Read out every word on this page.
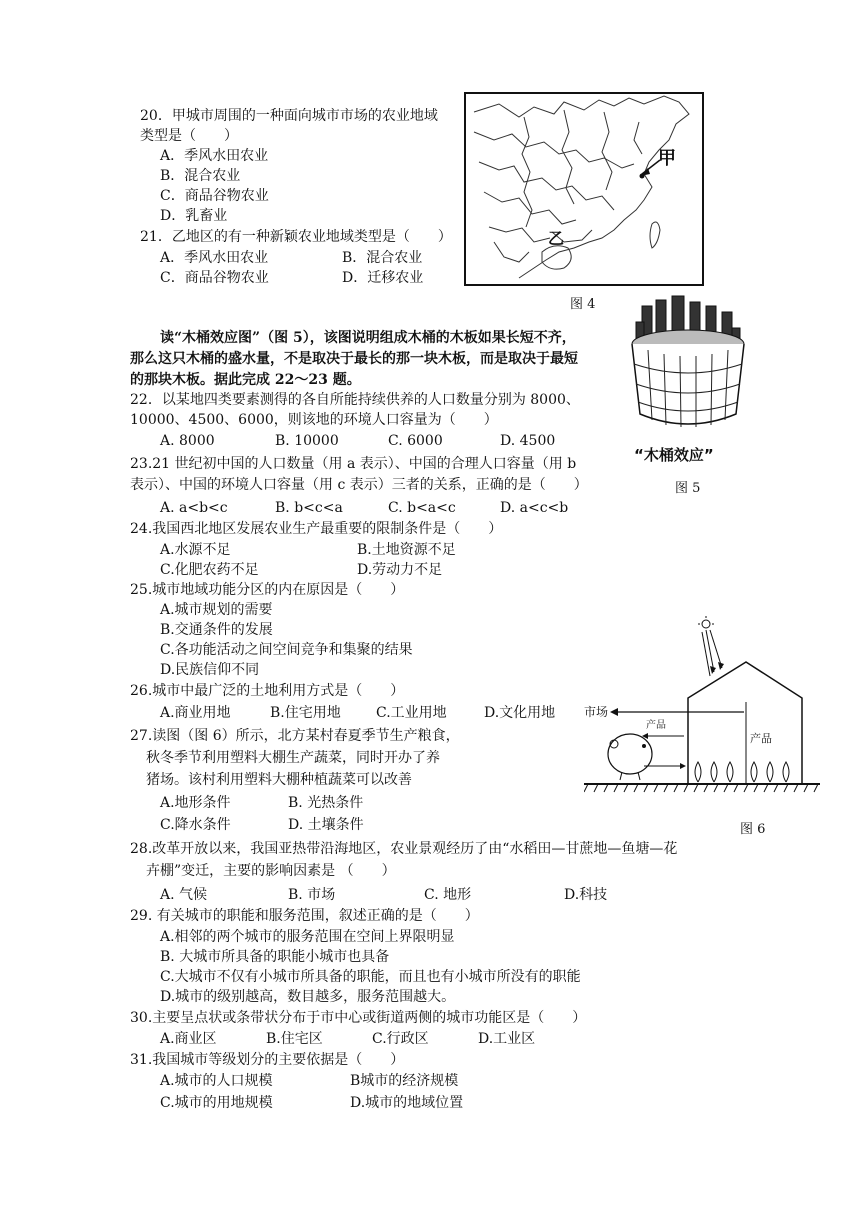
20．甲城市周围的一种面向城市市场的农业地域
类型是（　　）
A．季风水田农业
B．混合农业
C．商品谷物农业
D．乳畜业
21．乙地区的有一种新颖农业地域类型是（　　）
A．季风水田农业	B．混合农业
C．商品谷物农业	D．迁移农业
甲
乙
图 4
读“木桶效应图”（图 5），该图说明组成木桶的木板如果长短不齐，
那么这只木桶的盛水量，不是取决于最长的那一块木板，而是取决于最短
的那块木板。据此完成 22～23 题。
“木桶效应”
图 5
22．以某地四类要素测得的各自所能持续供养的人口数量分别为 8000、
10000、4500、6000，则该地的环境人口容量为（　　）
A. 8000	B. 10000	C. 6000	D. 4500
23.21 世纪初中国的人口数量（用 a 表示）、中国的合理人口容量（用 b
表示）、中国的环境人口容量（用 c 表示）三者的关系，正确的是（　　）
A. a<b<c	B. b<c<a	C. b<a<c	D. a<c<b
24.我国西北地区发展农业生产最重要的限制条件是（　　）
A.水源不足	B.土地资源不足
C.化肥农药不足	D.劳动力不足
25.城市地域功能分区的内在原因是（　　）
A.城市规划的需要
B.交通条件的发展
C.各功能活动之间空间竞争和集聚的结果
D.民族信仰不同
26.城市中最广泛的土地利用方式是（　　）
A.商业用地	B.住宅用地	C.工业用地	D.文化用地
27.读图（图 6）所示，北方某村春夏季节生产粮食，
秋冬季节利用塑料大棚生产蔬菜，同时开办了养
猪场。该村利用塑料大棚种植蔬菜可以改善
A.地形条件	B. 光热条件
C.降水条件	D. 土壤条件
市场
产品
产品
图 6
28.改革开放以来，我国亚热带沿海地区，农业景观经历了由“水稻田—甘蔗地—鱼塘—花
卉棚”变迁，主要的影响因素是 （　　）
A. 气候	B. 市场	C. 地形	D.科技
29. 有关城市的职能和服务范围，叙述正确的是（　　）
A.相邻的两个城市的服务范围在空间上界限明显
B. 大城市所具备的职能小城市也具备
C.大城市不仅有小城市所具备的职能，而且也有小城市所没有的职能
D.城市的级别越高，数目越多，服务范围越大。
30.主要呈点状或条带状分布于市中心或街道两侧的城市功能区是（　　）
A.商业区	B.住宅区	C.行政区	D.工业区
31.我国城市等级划分的主要依据是（　　）
A.城市的人口规模	B城市的经济规模
C.城市的用地规模	D.城市的地域位置
